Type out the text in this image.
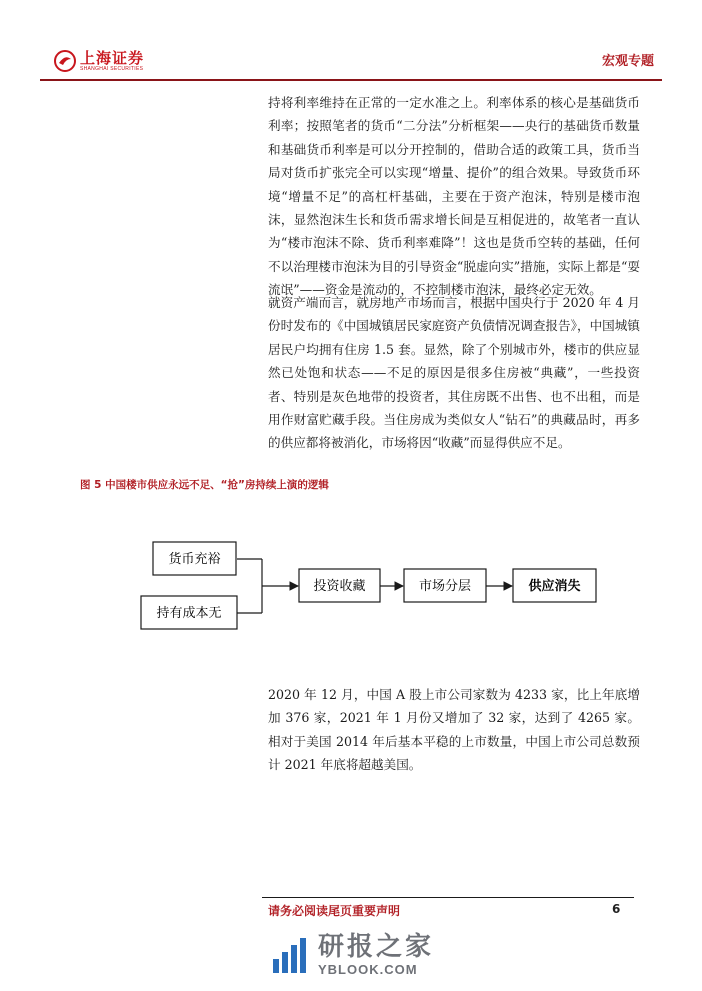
上海证券
SHANGHAI SECURITIES	宏观专题

持将利率维持在正常的一定水准之上。利率体系的核心是基础货币利率；按照笔者的货币“二分法”分析框架——央行的基础货币数量和基础货币利率是可以分开控制的，借助合适的政策工具，货币当局对货币扩张完全可以实现“增量、提价”的组合效果。导致货币环境“增量不足”的高杠杆基础，主要在于资产泡沫，特别是楼市泡沫，显然泡沫生长和货币需求增长间是互相促进的，故笔者一直认为“楼市泡沫不除、货币利率难降”！这也是货币空转的基础，任何不以治理楼市泡沫为目的引导资金“脱虚向实”措施，实际上都是“耍流氓”——资金是流动的，不控制楼市泡沫，最终必定无效。

就资产端而言，就房地产市场而言，根据中国央行于 2020 年 4 月份时发布的《中国城镇居民家庭资产负债情况调查报告》，中国城镇居民户均拥有住房 1.5 套。显然，除了个别城市外，楼市的供应显然已处饱和状态——不足的原因是很多住房被“典藏”，一些投资者、特别是灰色地带的投资者，其住房既不出售、也不出租，而是用作财富贮藏手段。当住房成为类似女人“钻石”的典藏品时，再多的供应都将被消化，市场将因“收藏”而显得供应不足。

图 5 中国楼市供应永远不足、“抢”房持续上演的逻辑
货币充裕
持有成本无
投资收藏	市场分层	供应消失

2020 年 12 月，中国 A 股上市公司家数为 4233 家，比上年底增加 376 家，2021 年 1 月份又增加了 32 家，达到了 4265 家。相对于美国 2014 年后基本平稳的上市数量，中国上市公司总数预计 2021 年底将超越美国。

请务必阅读尾页重要声明	6
研报之家
YBLOOK.COM
